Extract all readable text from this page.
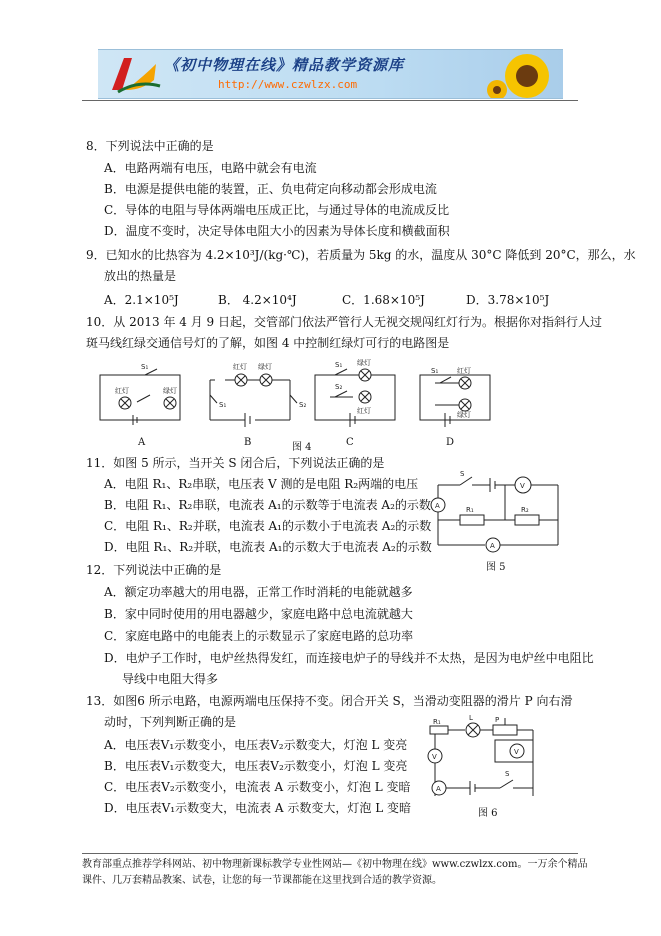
《初中物理在线》精品教学资源库
http://www.czwlzx.com
8．下列说法中正确的是
A．电路两端有电压，电路中就会有电流
B．电源是提供电能的装置，正、负电荷定向移动都会形成电流
C．导体的电阻与导体两端电压成正比，与通过导体的电流成反比
D．温度不变时，决定导体电阻大小的因素为导体长度和横截面积
9．已知水的比热容为 4.2×10³J/(kg·℃)，若质量为 5kg 的水，温度从 30°C 降低到 20°C，那么，水
放出的热量是
A．2.1×10⁵J	B． 4.2×10⁴J	C．1.68×10⁵J	D．3.78×10⁵J
10．从 2013 年 4 月 9 日起，交管部门依法严管行人无视交规闯红灯行为。根据你对指斜行人过
斑马线红绿交通信号灯的了解，如图 4 中控制红绿灯可行的电路图是
红灯	绿灯
S₁	红灯 绿灯
S₁	S₂
绿灯
红灯
S₁
S₂
红灯
绿灯
S₁
A	B	C	D
图 4
11．如图 5 所示，当开关 S 闭合后，下列说法正确的是
A．电阻 R₁、R₂串联，电压表 V 测的是电阻 R₂两端的电压
B．电阻 R₁、R₂串联，电流表 A₁的示数等于电流表 A₂的示数
C．电阻 R₁、R₂并联，电流表 A₁的示数小于电流表 A₂的示数
D．电阻 R₁、R₂并联，电流表 A₁的示数大于电流表 A₂的示数
S
V
A
A
R₁	R₂
图 5
12．下列说法中正确的是
A．额定功率越大的用电器，正常工作时消耗的电能就越多
B．家中同时使用的用电器越少，家庭电路中总电流就越大
C．家庭电路中的电能表上的示数显示了家庭电路的总功率
D．电炉子工作时，电炉丝热得发红，而连接电炉子的导线并不太热，是因为电炉丝中电阻比
导线中电阻大得多
13．如图6 所示电路，电源两端电压保持不变。闭合开关 S，当滑动变阻器的滑片 P 向右滑
动时，下列判断正确的是
A．电压表V₁示数变小，电压表V₂示数变大，灯泡 L 变亮
B．电压表V₁示数变大，电压表V₂示数变小，灯泡 L 变亮
C．电压表V₂示数变小，电流表 A 示数变小，灯泡 L 变暗
D．电压表V₁示数变大，电流表 A 示数变大，灯泡 L 变暗
R₁	L	P
V
V
A
S
图 6
教育部重点推荐学科网站、初中物理新课标教学专业性网站—《初中物理在线》www.czwlzx.com。一万余个精品
课件、几万套精品教案、试卷，让您的每一节课都能在这里找到合适的教学资源。
